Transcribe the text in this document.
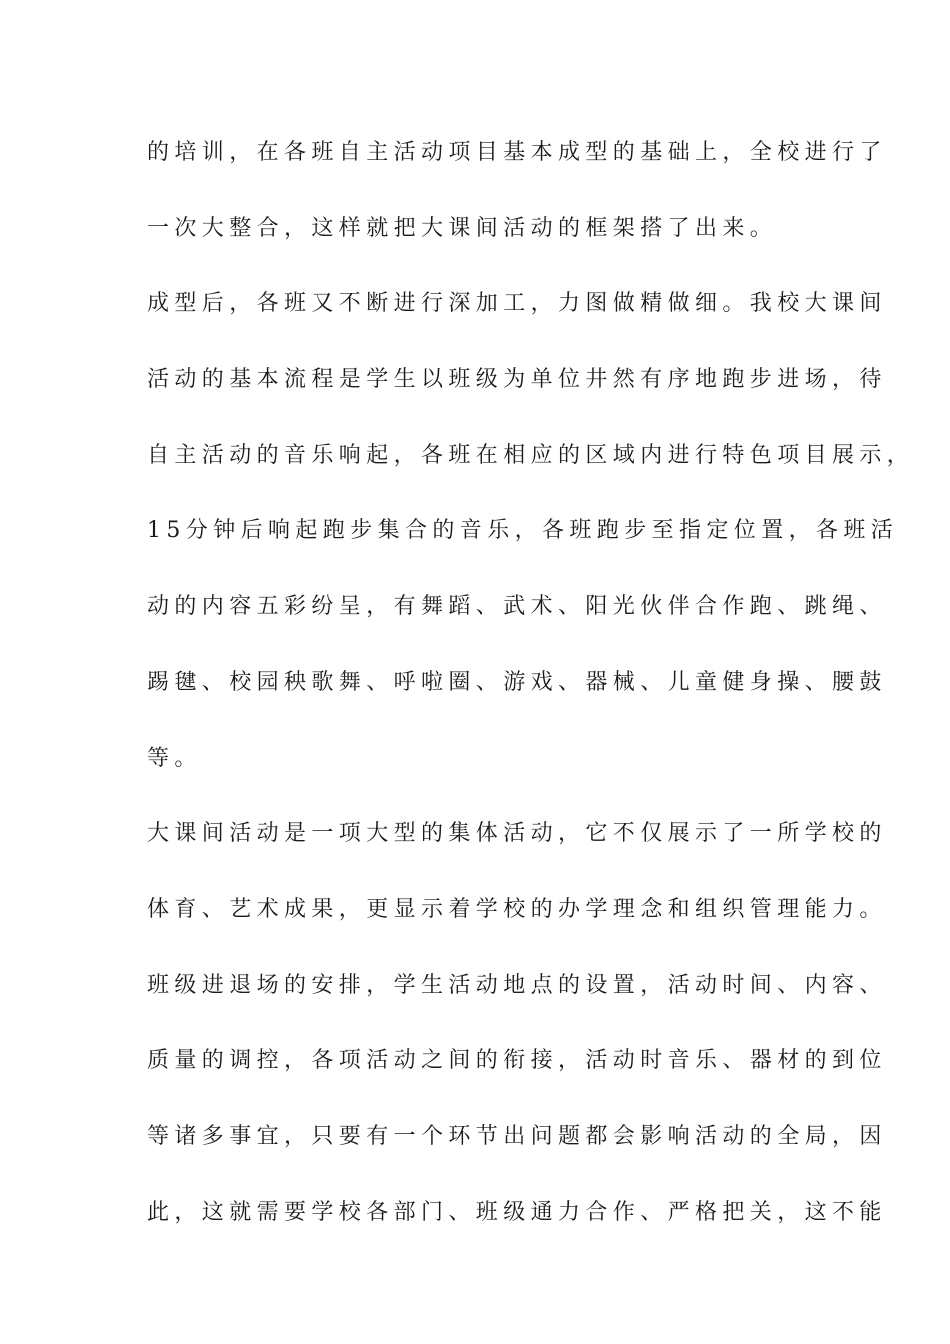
的培训，在各班自主活动项目基本成型的基础上，全校进行了
一次大整合，这样就把大课间活动的框架搭了出来。
成型后，各班又不断进行深加工，力图做精做细。我校大课间
活动的基本流程是学生以班级为单位井然有序地跑步进场，待
自主活动的音乐响起，各班在相应的区域内进行特色项目展示，
15分钟后响起跑步集合的音乐，各班跑步至指定位置，各班活
动的内容五彩纷呈，有舞蹈、武术、阳光伙伴合作跑、跳绳、
踢毽、校园秧歌舞、呼啦圈、游戏、器械、儿童健身操、腰鼓
等。
大课间活动是一项大型的集体活动，它不仅展示了一所学校的
体育、艺术成果，更显示着学校的办学理念和组织管理能力。
班级进退场的安排，学生活动地点的设置，活动时间、内容、
质量的调控，各项活动之间的衔接，活动时音乐、器材的到位
等诸多事宜，只要有一个环节出问题都会影响活动的全局，因
此，这就需要学校各部门、班级通力合作、严格把关，这不能
